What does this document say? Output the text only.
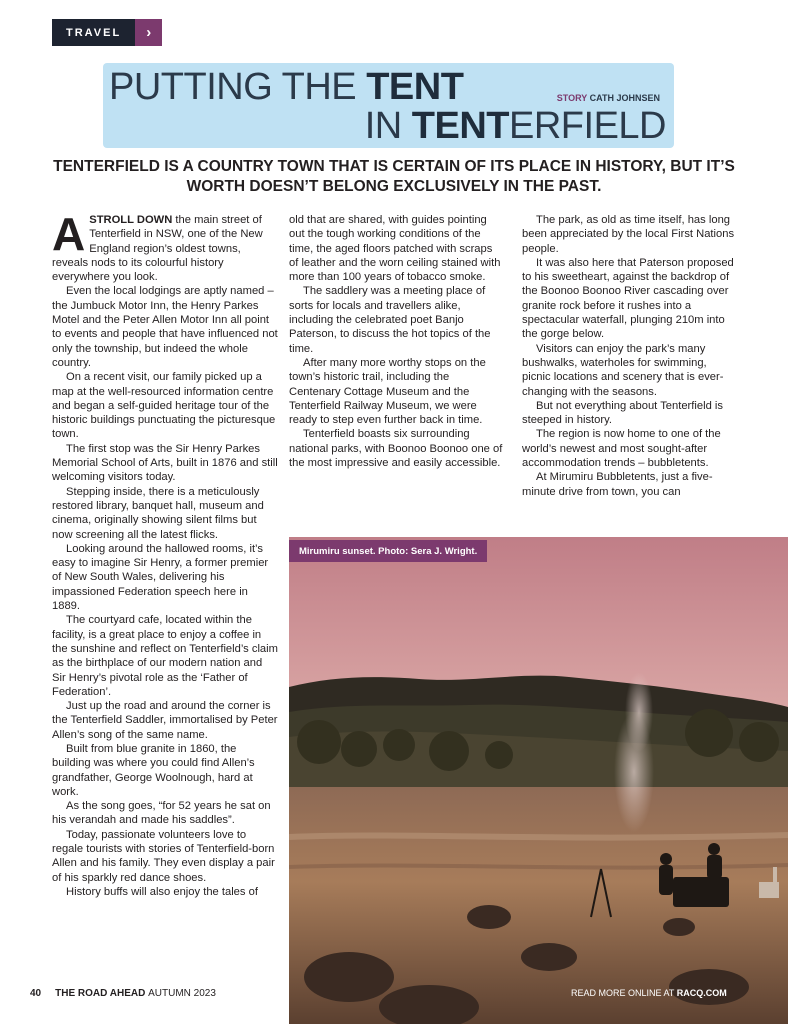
TRAVEL	›
PUTTING THE TENT
IN TENTERFIELD
STORY CATH JOHNSEN
TENTERFIELD IS A COUNTRY TOWN THAT IS CERTAIN OF ITS PLACE IN HISTORY, BUT IT’S WORTH DOESN’T BELONG EXCLUSIVELY IN THE PAST.

ASTROLL DOWN the main street of Tenterfield in NSW, one of the New England region’s oldest towns, reveals nods to its colourful history everywhere you look.

Even the local lodgings are aptly named – the Jumbuck Motor Inn, the Henry Parkes Motel and the Peter Allen Motor Inn all point to events and people that have influenced not only the township, but indeed the whole country.

On a recent visit, our family picked up a map at the well-resourced information centre and began a self-guided heritage tour of the historic buildings punctuating the picturesque town.

The first stop was the Sir Henry Parkes Memorial School of Arts, built in 1876 and still welcoming visitors today.

Stepping inside, there is a meticulously restored library, banquet hall, museum and cinema, originally showing silent films but now screening all the latest flicks.

Looking around the hallowed rooms, it’s easy to imagine Sir Henry, a former premier of New South Wales, delivering his impassioned Federation speech here in 1889.

The courtyard cafe, located within the facility, is a great place to enjoy a coffee in the sunshine and reflect on Tenterfield’s claim as the birthplace of our modern nation and Sir Henry’s pivotal role as the ‘Father of Federation’.

Just up the road and around the corner is the Tenterfield Saddler, immortalised by Peter Allen’s song of the same name.

Built from blue granite in 1860, the building was where you could find Allen’s grandfather, George Woolnough, hard at work.

As the song goes, “for 52 years he sat on his verandah and made his saddles”.

Today, passionate volunteers love to regale tourists with stories of Tenterfield-born Allen and his family. They even display a pair of his sparkly red dance shoes.

History buffs will also enjoy the tales of

old that are shared, with guides pointing out the tough working conditions of the time, the aged floors patched with scraps of leather and the worn ceiling stained with more than 100 years of tobacco smoke.

The saddlery was a meeting place of sorts for locals and travellers alike, including the celebrated poet Banjo Paterson, to discuss the hot topics of the time.

After many more worthy stops on the town’s historic trail, including the Centenary Cottage Museum and the Tenterfield Railway Museum, we were ready to step even further back in time.

Tenterfield boasts six surrounding national parks, with Boonoo Boonoo one of the most impressive and easily accessible.

The park, as old as time itself, has long been appreciated by the local First Nations people.

It was also here that Paterson proposed to his sweetheart, against the backdrop of the Boonoo Boonoo River cascading over granite rock before it rushes into a spectacular waterfall, plunging 210m into the gorge below.

Visitors can enjoy the park’s many bushwalks, waterholes for swimming, picnic locations and scenery that is ever-changing with the seasons.

But not everything about Tenterfield is steeped in history.

The region is now home to one of the world’s newest and most sought-after accommodation trends – bubbletents.

At Mirumiru Bubbletents, just a five-minute drive from town, you can

Mirumiru sunset. Photo: Sera J. Wright.
40 THE ROAD AHEAD AUTUMN 2023	READ MORE ONLINE AT RACQ.COM
